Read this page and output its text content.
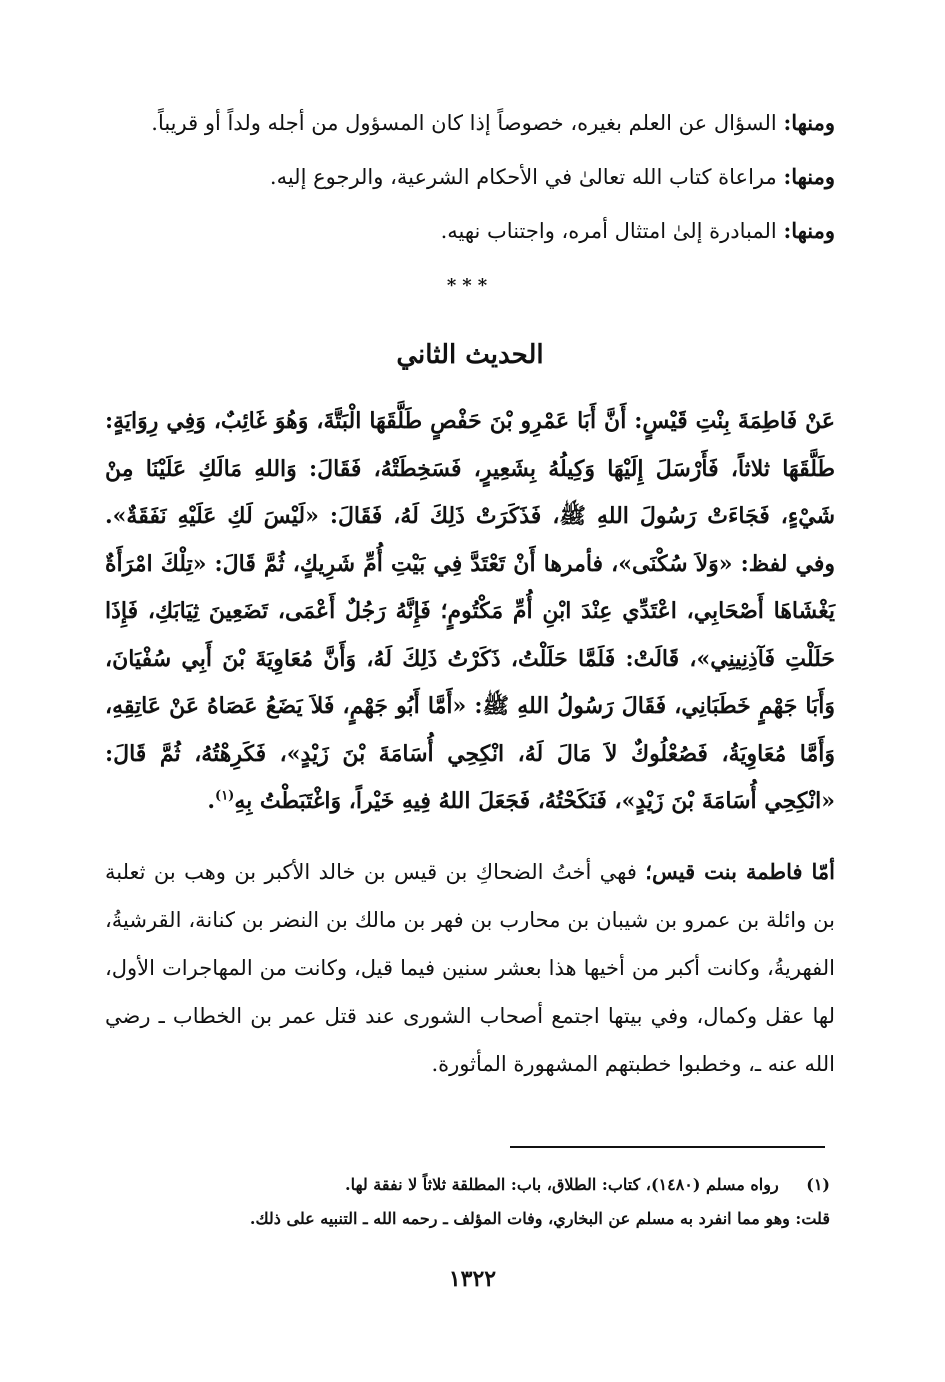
ومنها: السؤال عن العلم بغيره، خصوصاً إذا كان المسؤول من أجله ولداً أو قريباً.

ومنها: مراعاة كتاب الله تعالىٰ في الأحكام الشرعية، والرجوع إليه.

ومنها: المبادرة إلىٰ امتثال أمره، واجتناب نهيه.

***
الحديث الثاني

عَنْ فَاطِمَةَ بِنْتِ قَيْسٍ: أَنَّ أَبَا عَمْرِو بْنَ حَفْصٍ طَلَّقَهَا الْبَتَّةَ، وَهُوَ غَائِبٌ، وَفِي رِوَايَةٍ: طَلَّقَهَا ثلاثاً، فَأَرْسَلَ إِلَيْهَا وَكِيلُهُ بِشَعِيرٍ، فَسَخِطَتْهُ، فَقَالَ: وَاللهِ مَالَكِ عَلَيْنَا مِنْ شَيْءٍ، فَجَاءَتْ رَسُولَ اللهِ ﷺ، فَذَكَرَتْ ذَلِكَ لَهُ، فَقَالَ: «لَيْسَ لَكِ عَلَيْهِ نَفَقَةٌ». وفي لفظ: «وَلاَ سُكْنَى»، فأمرها أَنْ تَعْتَدَّ فِي بَيْتِ أُمِّ شَرِيكٍ، ثُمَّ قَالَ: «تِلْكَ امْرَأَةٌ يَغْشَاهَا أَصْحَابِي، اعْتَدِّي عِنْدَ ابْنِ أُمِّ مَكْتُومٍ؛ فَإِنَّهُ رَجُلٌ أَعْمَى، تَضَعِينَ ثِيَابَكِ، فَإِذَا حَلَلْتِ فَآذِنِينِي»، قَالَتْ: فَلَمَّا حَلَلْتُ، ذَكَرْتُ ذَلِكَ لَهُ، وَأَنَّ مُعَاوِيَةَ بْنَ أَبِي سُفْيَانَ، وَأَبَا جَهْمٍ خَطَبَانِي، فَقَالَ رَسُولُ اللهِ ﷺ: «أَمَّا أَبُو جَهْمٍ، فَلاَ يَضَعُ عَصَاهُ عَنْ عَاتِقِهِ، وَأَمَّا مُعَاوِيَةُ، فَصُعْلُوكٌ لاَ مَالَ لَهُ، انْكِحِي أُسَامَةَ بْنَ زَيْدٍ»، فَكَرِهْتُهُ، ثُمَّ قَالَ: «انْكِحِي أُسَامَةَ بْنَ زَيْدٍ»، فَنَكَحْتُهُ، فَجَعَلَ اللهُ فِيهِ خَيْراً، وَاغْتَبَطْتُ بِهِ$^{(١)}$.

أمّا فاطمة بنت قيس؛ فهي أختُ الضحاكِ بن قيس بن خالد الأكبر بن وهب بن ثعلبة بن وائلة بن عمرو بن شيبان بن محارب بن فهر بن مالك بن النضر بن كنانة، القرشيةُ، الفهريةُ، وكانت أكبر من أخيها هذا بعشر سنين فيما قيل، وكانت من المهاجرات الأول، لها عقل وكمال، وفي بيتها اجتمع أصحاب الشورى عند قتل عمر بن الخطاب ـ رضي الله عنه ـ، وخطبوا خطبتهم المشهورة المأثورة.

(١) رواه مسلم (١٤٨٠)، كتاب: الطلاق، باب: المطلقة ثلاثاً لا نفقة لها.
قلت: وهو مما انفرد به مسلم عن البخاري، وفات المؤلف ـ رحمه الله ـ التنبيه على ذلك.
١٣٢٢
